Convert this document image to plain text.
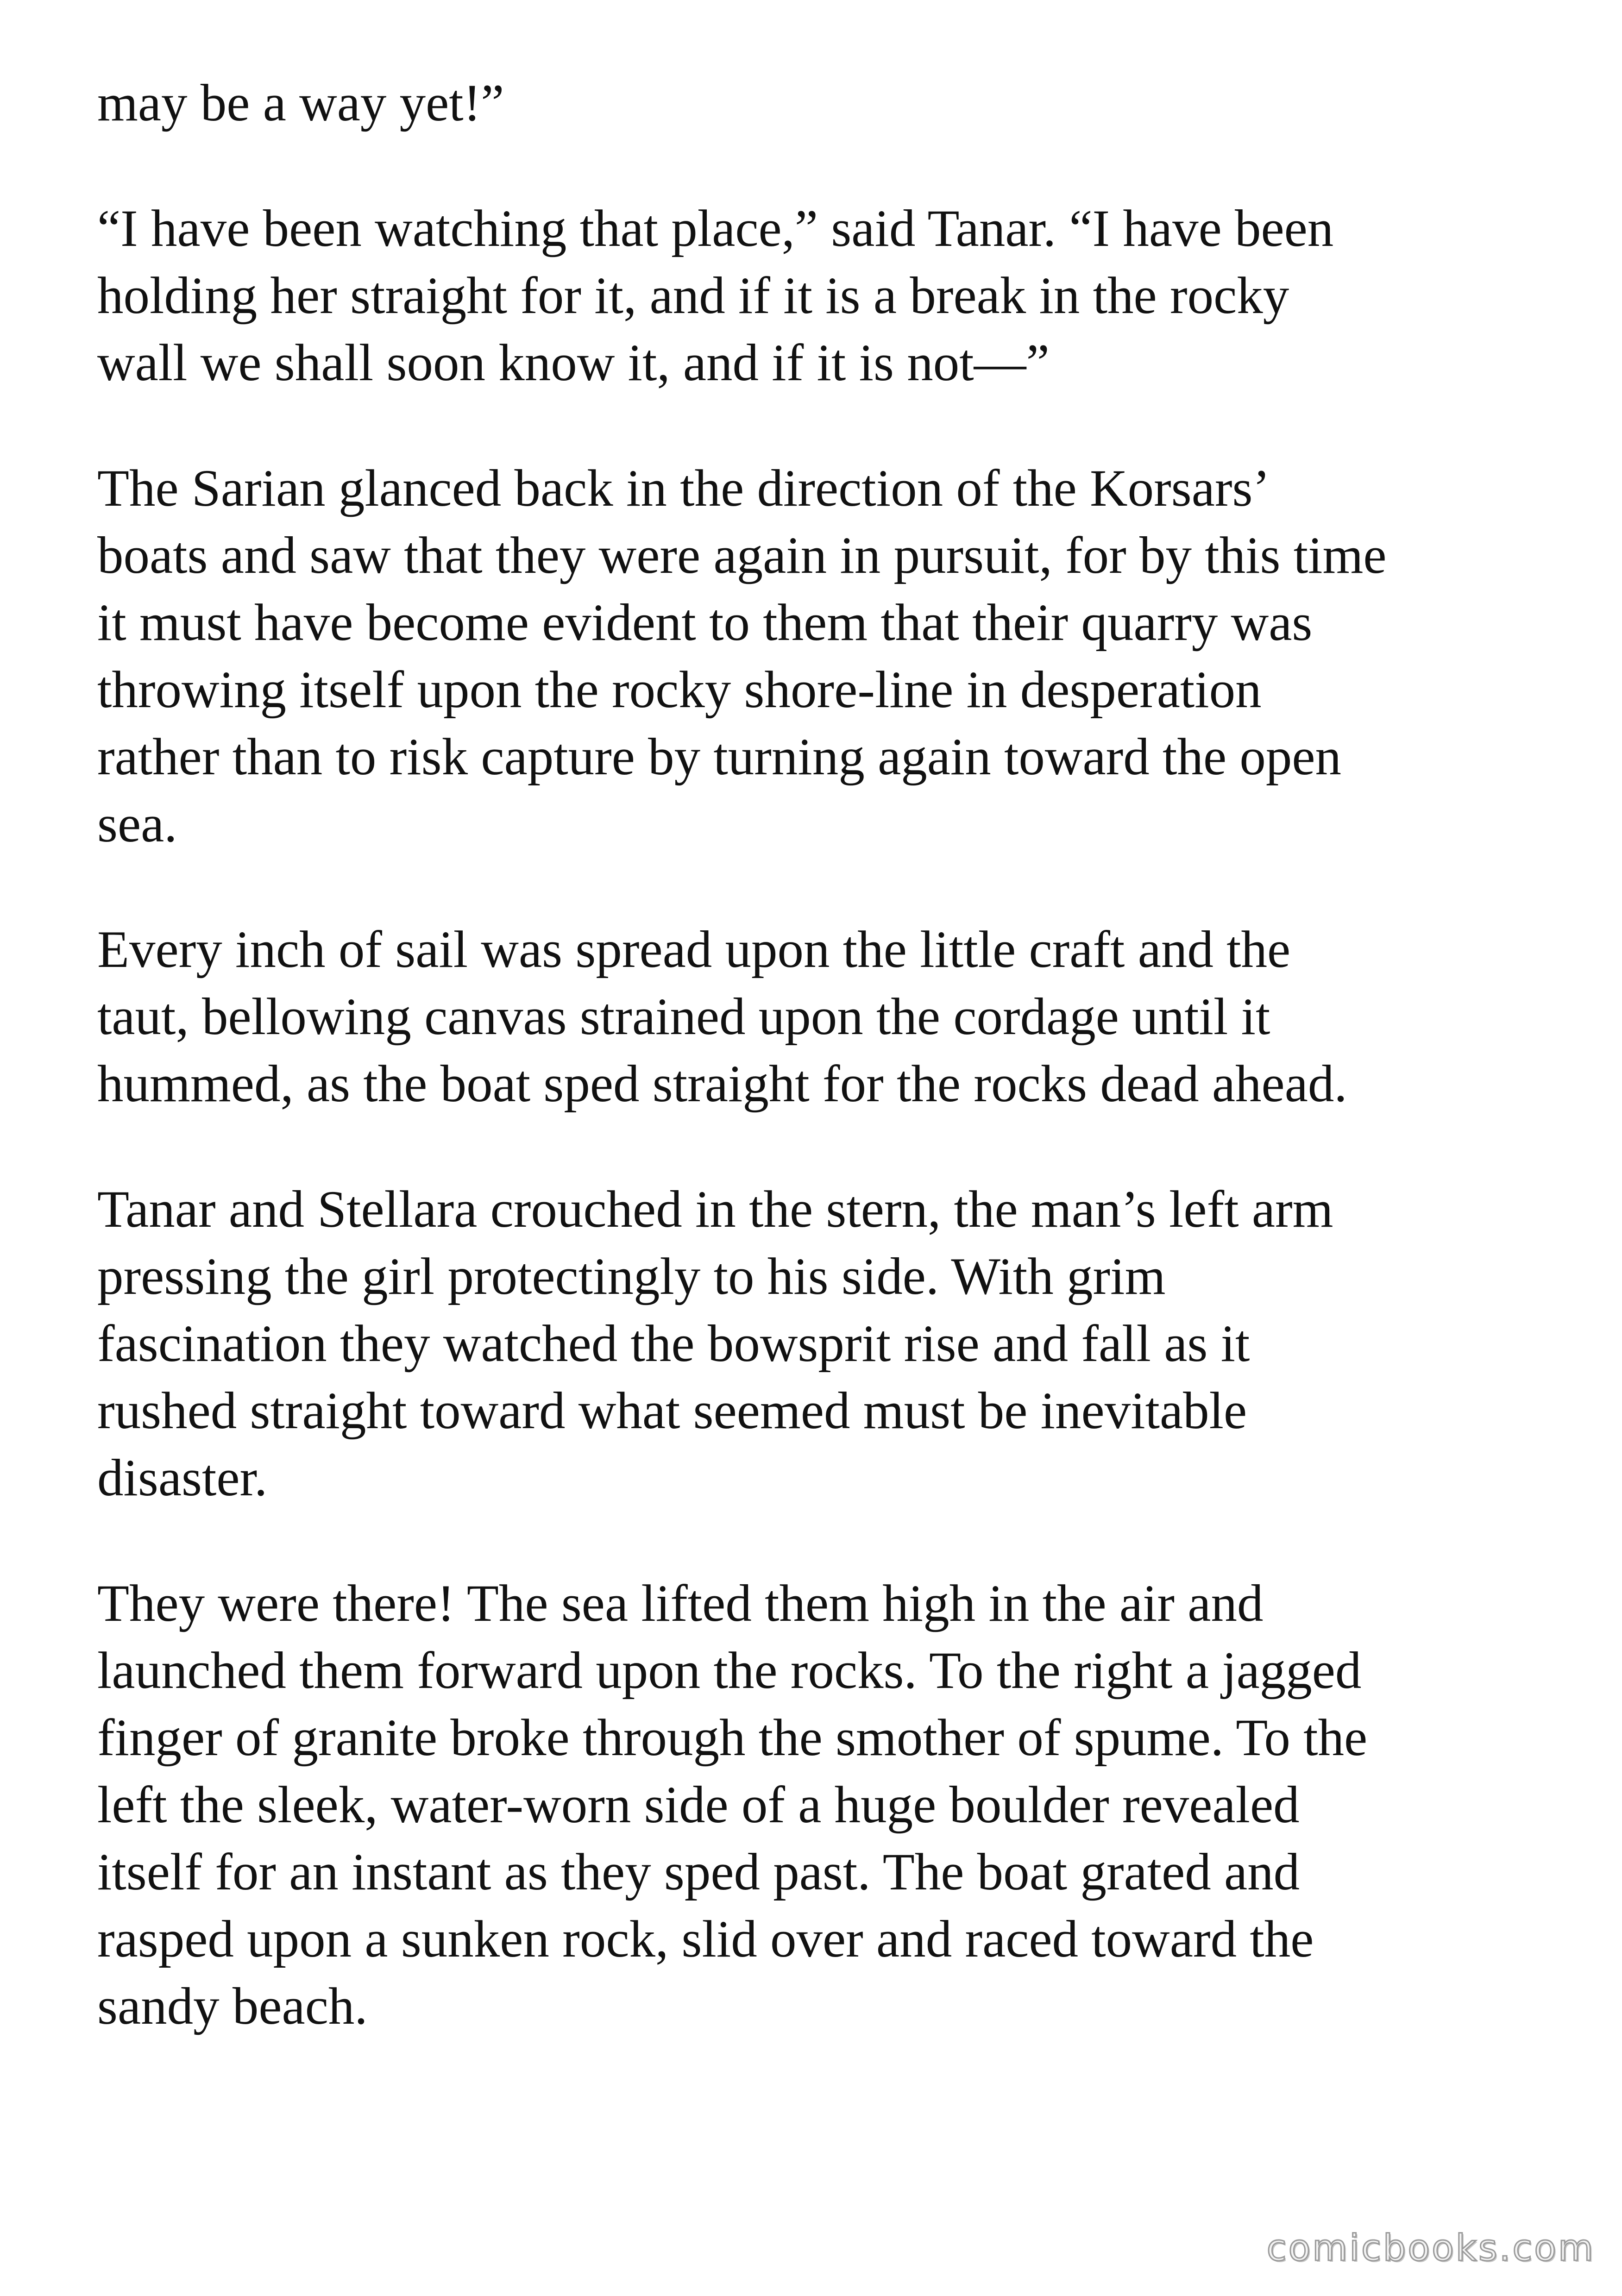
may be a way yet!”
“I have been watching that place,” said Tanar. “I have been
holding her straight for it, and if it is a break in the rocky
wall we shall soon know it, and if it is not—”
The Sarian glanced back in the direction of the Korsars’
boats and saw that they were again in pursuit, for by this time
it must have become evident to them that their quarry was
throwing itself upon the rocky shore-line in desperation
rather than to risk capture by turning again toward the open
sea.
Every inch of sail was spread upon the little craft and the
taut, bellowing canvas strained upon the cordage until it
hummed, as the boat sped straight for the rocks dead ahead.
Tanar and Stellara crouched in the stern, the man’s left arm
pressing the girl protectingly to his side. With grim
fascination they watched the bowsprit rise and fall as it
rushed straight toward what seemed must be inevitable
disaster.
They were there! The sea lifted them high in the air and
launched them forward upon the rocks. To the right a jagged
finger of granite broke through the smother of spume. To the
left the sleek, water-worn side of a huge boulder revealed
itself for an instant as they sped past. The boat grated and
rasped upon a sunken rock, slid over and raced toward the
sandy beach.
comicbooks.com
